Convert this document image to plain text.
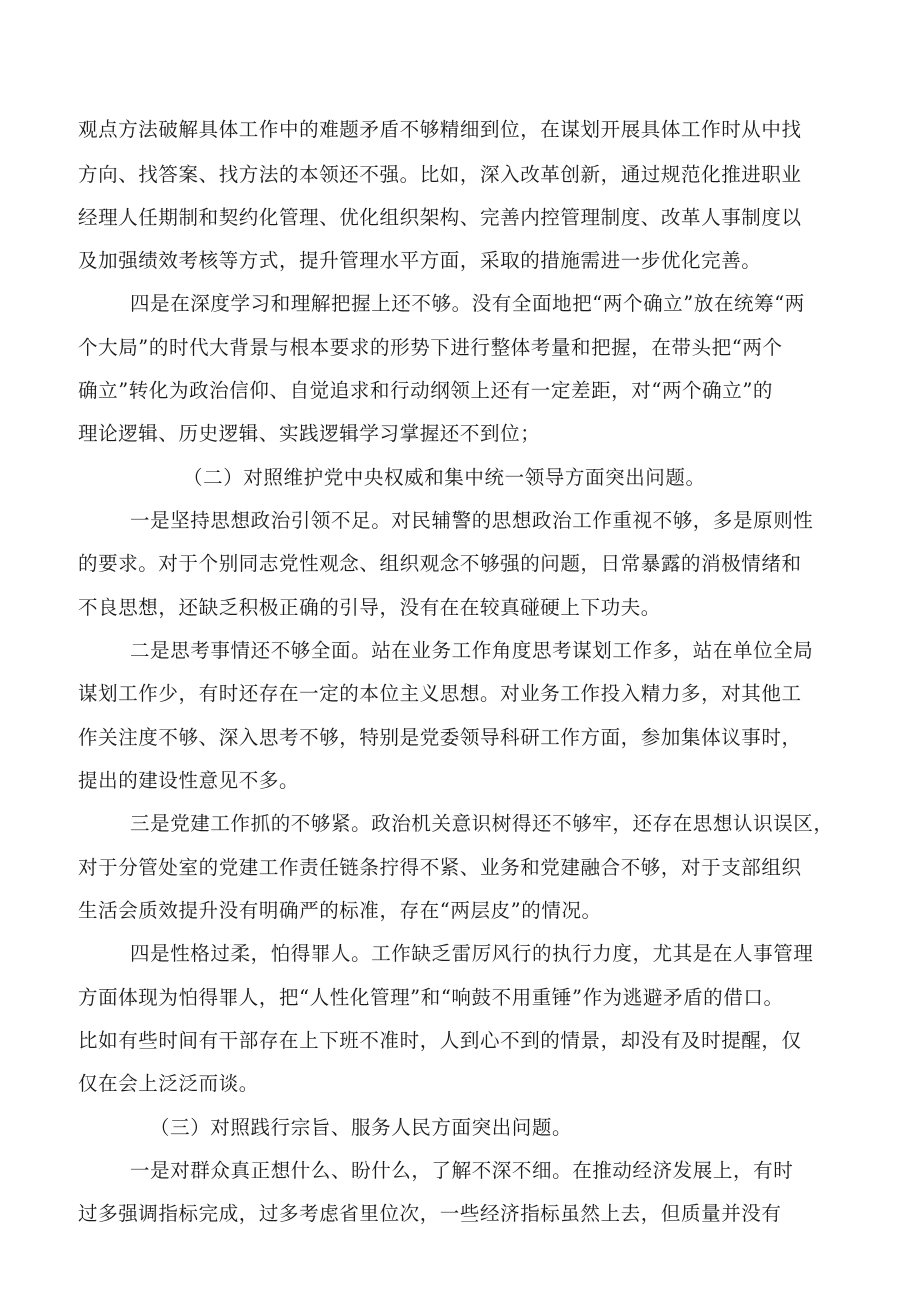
观点方法破解具体工作中的难题矛盾不够精细到位，在谋划开展具体工作时从中找
方向、找答案、找方法的本领还不强。比如，深入改革创新，通过规范化推进职业
经理人任期制和契约化管理、优化组织架构、完善内控管理制度、改革人事制度以
及加强绩效考核等方式，提升管理水平方面，采取的措施需进一步优化完善。
四是在深度学习和理解把握上还不够。没有全面地把“两个确立”放在统筹“两
个大局”的时代大背景与根本要求的形势下进行整体考量和把握，在带头把“两个
确立”转化为政治信仰、自觉追求和行动纲领上还有一定差距，对“两个确立”的
理论逻辑、历史逻辑、实践逻辑学习掌握还不到位；
（二）对照维护党中央权威和集中统一领导方面突出问题。
一是坚持思想政治引领不足。对民辅警的思想政治工作重视不够，多是原则性
的要求。对于个别同志党性观念、组织观念不够强的问题，日常暴露的消极情绪和
不良思想，还缺乏积极正确的引导，没有在在较真碰硬上下功夫。
二是思考事情还不够全面。站在业务工作角度思考谋划工作多，站在单位全局
谋划工作少，有时还存在一定的本位主义思想。对业务工作投入精力多，对其他工
作关注度不够、深入思考不够，特别是党委领导科研工作方面，参加集体议事时，
提出的建设性意见不多。
三是党建工作抓的不够紧。政治机关意识树得还不够牢，还存在思想认识误区，
对于分管处室的党建工作责任链条拧得不紧、业务和党建融合不够，对于支部组织
生活会质效提升没有明确严的标准，存在“两层皮”的情况。
四是性格过柔，怕得罪人。工作缺乏雷厉风行的执行力度，尤其是在人事管理
方面体现为怕得罪人，把“人性化管理”和“响鼓不用重锤”作为逃避矛盾的借口。
比如有些时间有干部存在上下班不准时，人到心不到的情景，却没有及时提醒，仅
仅在会上泛泛而谈。
（三）对照践行宗旨、服务人民方面突出问题。
一是对群众真正想什么、盼什么，了解不深不细。在推动经济发展上，有时
过多强调指标完成，过多考虑省里位次，一些经济指标虽然上去，但质量并没有
